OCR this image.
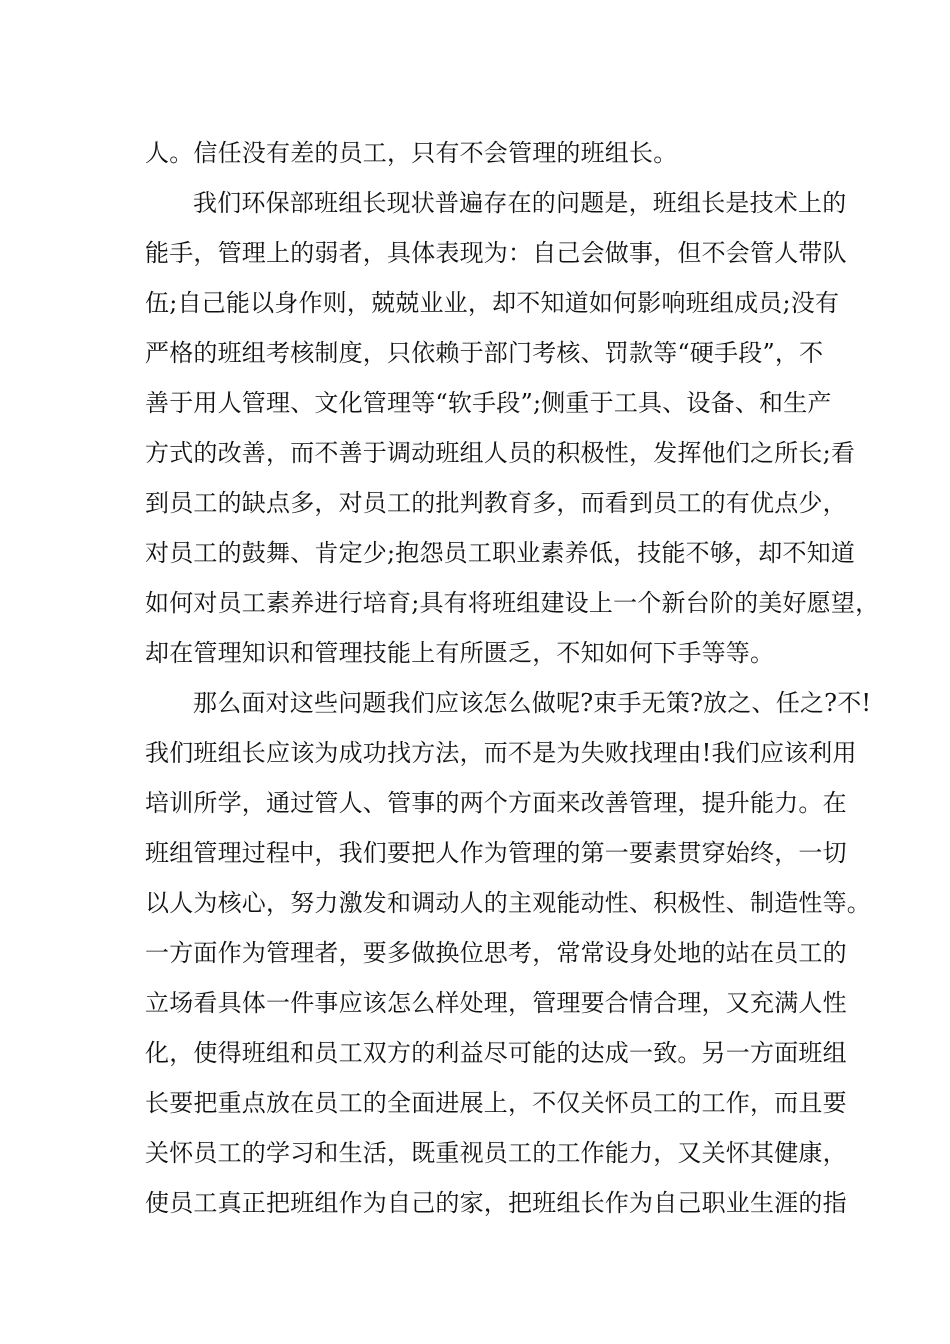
人。信任没有差的员工，只有不会管理的班组长。
我们环保部班组长现状普遍存在的问题是，班组长是技术上的
能手，管理上的弱者，具体表现为：自己会做事，但不会管人带队
伍;自己能以身作则，兢兢业业，却不知道如何影响班组成员;没有
严格的班组考核制度，只依赖于部门考核、罚款等“硬手段”，不
善于用人管理、文化管理等“软手段”;侧重于工具、设备、和生产
方式的改善，而不善于调动班组人员的积极性，发挥他们之所长;看
到员工的缺点多，对员工的批判教育多，而看到员工的有优点少，
对员工的鼓舞、肯定少;抱怨员工职业素养低，技能不够，却不知道
如何对员工素养进行培育;具有将班组建设上一个新台阶的美好愿望，
却在管理知识和管理技能上有所匮乏，不知如何下手等等。
那么面对这些问题我们应该怎么做呢?束手无策?放之、任之?不!
我们班组长应该为成功找方法，而不是为失败找理由!我们应该利用
培训所学，通过管人、管事的两个方面来改善管理，提升能力。在
班组管理过程中，我们要把人作为管理的第一要素贯穿始终，一切
以人为核心，努力激发和调动人的主观能动性、积极性、制造性等。
一方面作为管理者，要多做换位思考，常常设身处地的站在员工的
立场看具体一件事应该怎么样处理，管理要合情合理，又充满人性
化，使得班组和员工双方的利益尽可能的达成一致。另一方面班组
长要把重点放在员工的全面进展上，不仅关怀员工的工作，而且要
关怀员工的学习和生活，既重视员工的工作能力，又关怀其健康，
使员工真正把班组作为自己的家，把班组长作为自己职业生涯的指
